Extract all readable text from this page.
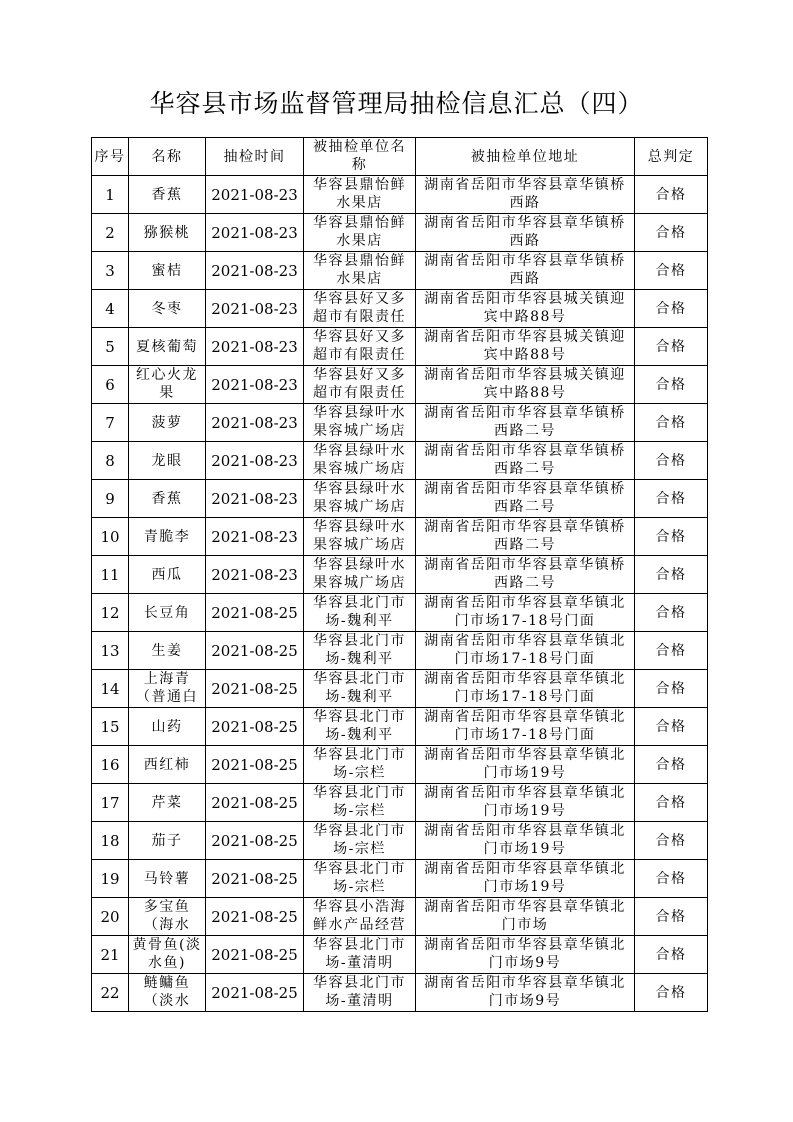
华容县市场监督管理局抽检信息汇总（四）
序号	名称	抽检时间	被抽检单位名
称	被抽检单位地址	总判定

1	香蕉	2021-08-23	华容县鼎怡鲜
水果店	湖南省岳阳市华容县章华镇桥
西路	合格

2	猕猴桃	2021-08-23	华容县鼎怡鲜
水果店	湖南省岳阳市华容县章华镇桥
西路	合格

3	蜜桔	2021-08-23	华容县鼎怡鲜
水果店	湖南省岳阳市华容县章华镇桥
西路	合格

4	冬枣	2021-08-23	华容县好又多
超市有限责任	湖南省岳阳市华容县城关镇迎
宾中路88号	合格

5	夏核葡萄	2021-08-23	华容县好又多
超市有限责任	湖南省岳阳市华容县城关镇迎
宾中路88号	合格

6	红心火龙
果	2021-08-23	华容县好又多
超市有限责任	湖南省岳阳市华容县城关镇迎
宾中路88号	合格

7	菠萝	2021-08-23	华容县绿叶水
果容城广场店	湖南省岳阳市华容县章华镇桥
西路二号	合格

8	龙眼	2021-08-23	华容县绿叶水
果容城广场店	湖南省岳阳市华容县章华镇桥
西路二号	合格

9	香蕉	2021-08-23	华容县绿叶水
果容城广场店	湖南省岳阳市华容县章华镇桥
西路二号	合格

10	青脆李	2021-08-23	华容县绿叶水
果容城广场店	湖南省岳阳市华容县章华镇桥
西路二号	合格

11	西瓜	2021-08-23	华容县绿叶水
果容城广场店	湖南省岳阳市华容县章华镇桥
西路二号	合格

12	长豆角	2021-08-25	华容县北门市
场-魏利平	湖南省岳阳市华容县章华镇北
门市场17-18号门面	合格

13	生姜	2021-08-25	华容县北门市
场-魏利平	湖南省岳阳市华容县章华镇北
门市场17-18号门面	合格

14	上海青
（普通白	2021-08-25	华容县北门市
场-魏利平	湖南省岳阳市华容县章华镇北
门市场17-18号门面	合格

15	山药	2021-08-25	华容县北门市
场-魏利平	湖南省岳阳市华容县章华镇北
门市场17-18号门面	合格

16	西红柿	2021-08-25	华容县北门市
场-宗栏	湖南省岳阳市华容县章华镇北
门市场19号	合格

17	芹菜	2021-08-25	华容县北门市
场-宗栏	湖南省岳阳市华容县章华镇北
门市场19号	合格

18	茄子	2021-08-25	华容县北门市
场-宗栏	湖南省岳阳市华容县章华镇北
门市场19号	合格

19	马铃薯	2021-08-25	华容县北门市
场-宗栏	湖南省岳阳市华容县章华镇北
门市场19号	合格

20	多宝鱼
（海水	2021-08-25	华容县小浩海
鲜水产品经营	湖南省岳阳市华容县章华镇北
门市场	合格

21	黄骨鱼(淡
水鱼)	2021-08-25	华容县北门市
场-董清明	湖南省岳阳市华容县章华镇北
门市场9号	合格

22	鲢鳙鱼
（淡水	2021-08-25	华容县北门市
场-董清明	湖南省岳阳市华容县章华镇北
门市场9号	合格
